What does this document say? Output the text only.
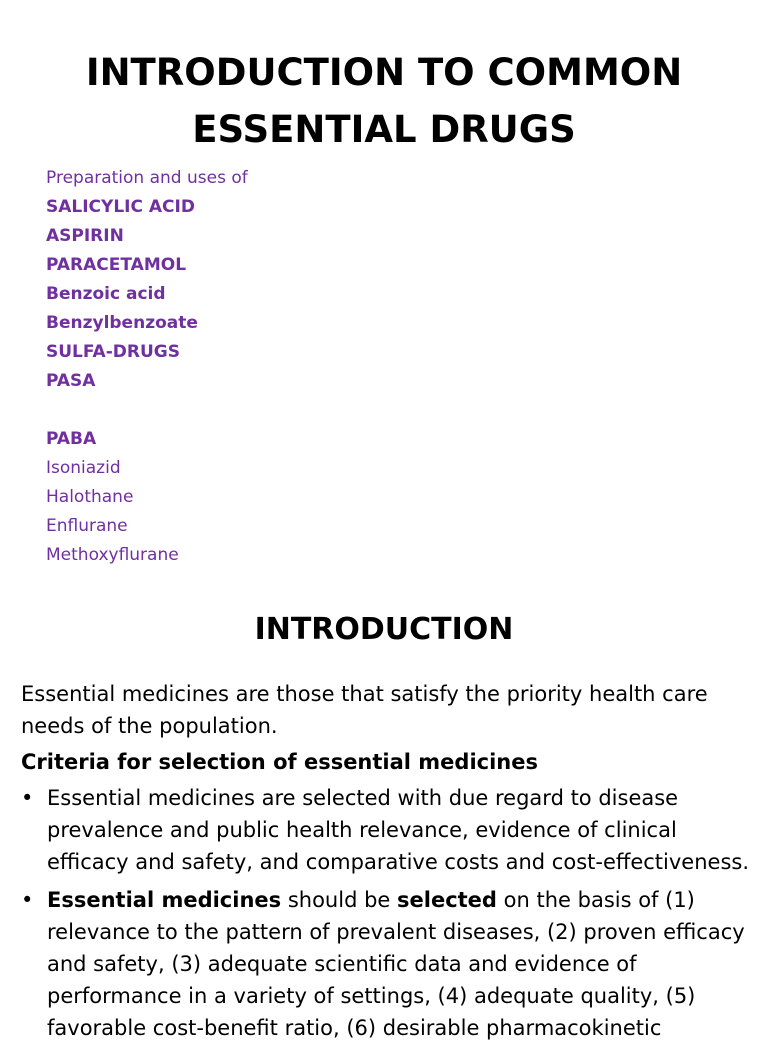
INTRODUCTION TO COMMON
ESSENTIAL DRUGS
Preparation and uses of
SALICYLIC ACID
ASPIRIN
PARACETAMOL
Benzoic acid
Benzylbenzoate
SULFA-DRUGS
PASA
PABA
Isoniazid
Halothane
Enflurane
Methoxyflurane
INTRODUCTION

Essential medicines are those that satisfy the priority health care needs of the population.

Criteria for selection of essential medicines

• Essential medicines are selected with due regard to disease prevalence and public health relevance, evidence of clinical efficacy and safety, and comparative costs and cost-effectiveness.
• Essential medicines should be selected on the basis of (1) relevance to the pattern of prevalent diseases, (2) proven efficacy and safety, (3) adequate scientific data and evidence of performance in a variety of settings, (4) adequate quality, (5) favorable cost-benefit ratio, (6) desirable pharmacokinetic
